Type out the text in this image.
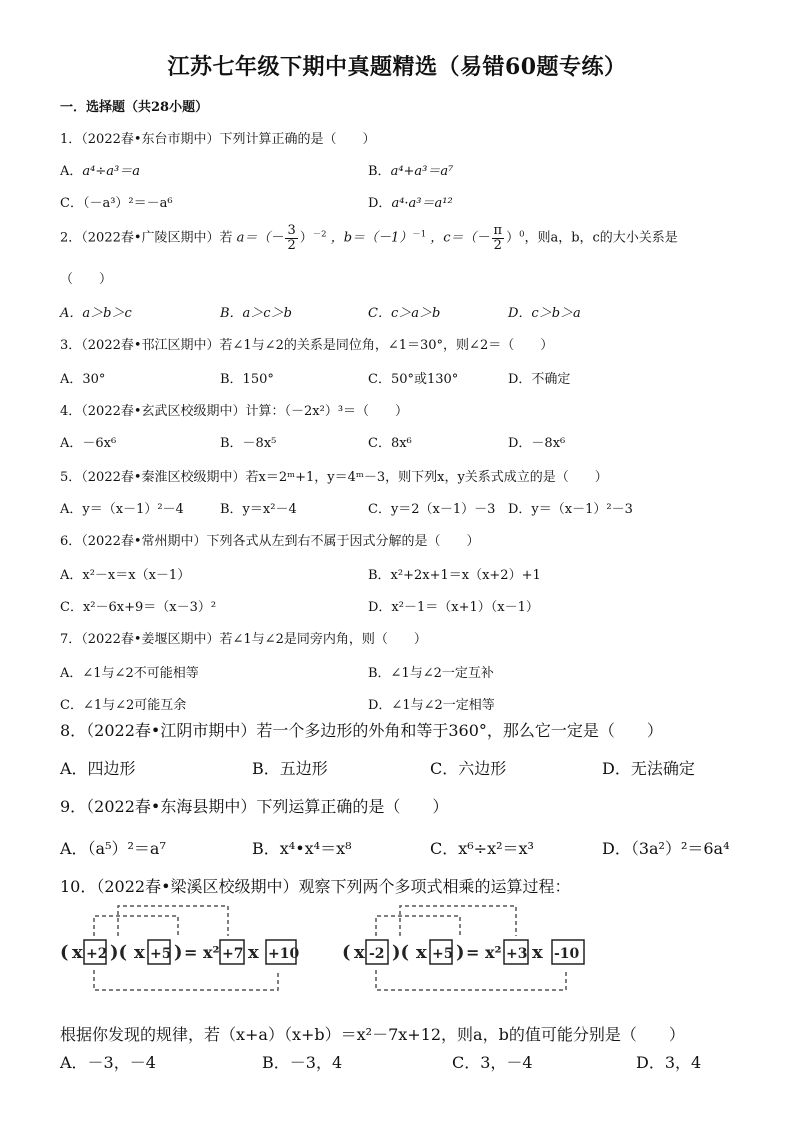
江苏七年级下期中真题精选（易错60题专练）
一．选择题（共28小题）
1．（2022春•东台市期中）下列计算正确的是（　　）
A．a⁴÷a³＝a	B．a⁴+a³＝a⁷
C．（－a³）²＝－a⁶	D．a⁴·a³＝a¹²
2．（2022春•广陵区期中）若 $a=(- \frac{3}{2} )^{-2}$ ，$b=(-1)^{-1}$ ，$c=(- \frac{\pi}{2} )^0$，则a，b，c的大小关系是
（　　）
A．a＞b＞c	B．a＞c＞b	C．c＞a＞b	D．c＞b＞a
3．（2022春•邗江区期中）若∠1与∠2的关系是同位角，∠1＝30°，则∠2＝（　　）
A．30°	B．150°	C．50°或130°	D．不确定
4．（2022春•玄武区校级期中）计算：（－2x²）³＝（　　）
A．－6x⁶	B．－8x⁵	C．8x⁶	D．－8x⁶
5．（2022春•秦淮区校级期中）若x＝2ᵐ+1，y＝4ᵐ－3，则下列x，y关系式成立的是（　　）
A．y＝（x－1）²－4	B．y＝x²－4	C．y＝2（x－1）－3 D．y＝（x－1）²－3
6．（2022春•常州期中）下列各式从左到右不属于因式分解的是（　　）
A．x²－x＝x（x－1）	B．x²+2x+1＝x（x+2）+1
C．x²－6x+9＝（x－3）²	D．x²－1＝（x+1）（x－1）
7．（2022春•姜堰区期中）若∠1与∠2是同旁内角，则（　　）
A．∠1与∠2不可能相等	B．∠1与∠2一定互补
C．∠1与∠2可能互余	D．∠1与∠2一定相等
8．（2022春•江阴市期中）若一个多边形的外角和等于360°，那么它一定是（　　）
A．四边形	B．五边形	C．六边形	D．无法确定
9．（2022春•东海县期中）下列运算正确的是（　　）
A．（a⁵）²＝a⁷	B．x⁴•x⁴＝x⁸	C．x⁶÷x²＝x³	D．（3a²）²＝6a⁴
10．（2022春•梁溪区校级期中）观察下列两个多项式相乘的运算过程：
( x +2 )( x +5 ) = x² +7 x +10 ( x -2 )( x +5 ) = x² +3 x -10
根据你发现的规律，若（x+a）（x+b）＝x²－7x+12，则a，b的值可能分别是（　　）
A．－3，－4	B．－3，4	C．3，－4	D．3，4
